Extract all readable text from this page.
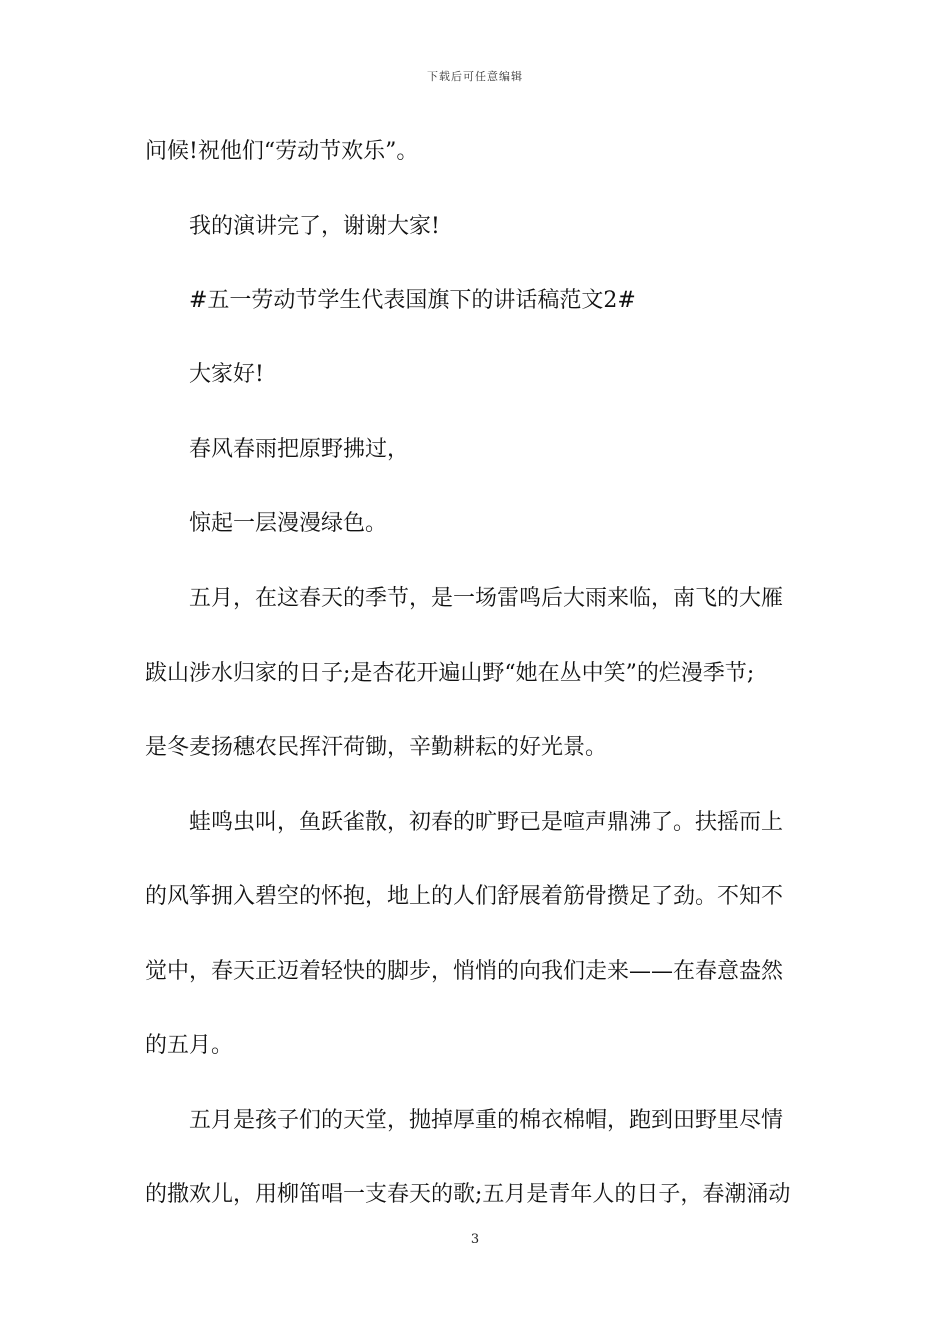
下载后可任意编辑
问候!祝他们“劳动节欢乐”。
我的演讲完了，谢谢大家!
#五一劳动节学生代表国旗下的讲话稿范文2#
大家好!
春风春雨把原野拂过，
惊起一层漫漫绿色。
五月，在这春天的季节，是一场雷鸣后大雨来临，南飞的大雁
跋山涉水归家的日子;是杏花开遍山野“她在丛中笑”的烂漫季节;
是冬麦扬穗农民挥汗荷锄，辛勤耕耘的好光景。
蛙鸣虫叫，鱼跃雀散，初春的旷野已是喧声鼎沸了。扶摇而上
的风筝拥入碧空的怀抱，地上的人们舒展着筋骨攒足了劲。不知不
觉中，春天正迈着轻快的脚步，悄悄的向我们走来——在春意盎然
的五月。
五月是孩子们的天堂，抛掉厚重的棉衣棉帽，跑到田野里尽情
的撒欢儿，用柳笛唱一支春天的歌;五月是青年人的日子，春潮涌动
3
